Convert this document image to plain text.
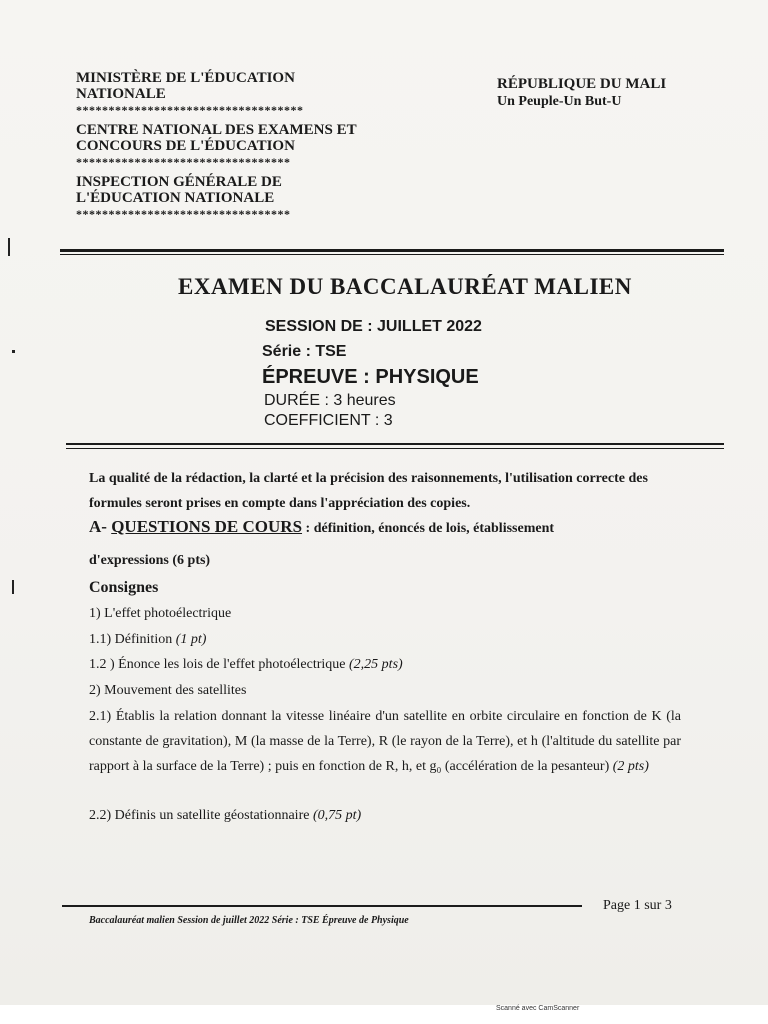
MINISTÈRE DE L'ÉDUCATION NATIONALE
***********************************
CENTRE NATIONAL DES EXAMENS ET CONCOURS DE L'ÉDUCATION
*********************************
INSPECTION GÉNÉRALE DE L'ÉDUCATION NATIONALE
*********************************
RÉPUBLIQUE DU MALI
Un Peuple-Un But-U
EXAMEN DU BACCALAURÉAT MALIEN
SESSION DE : JUILLET 2022
Série : TSE
ÉPREUVE : PHYSIQUE
DURÉE : 3 heures
COEFFICIENT : 3
La qualité de la rédaction, la clarté et la précision des raisonnements, l'utilisation correcte des formules seront prises en compte dans l'appréciation des copies.
A- QUESTIONS DE COURS : définition, énoncés de lois, établissement
d'expressions (6 pts)
Consignes
1) L'effet photoélectrique
1.1) Définition (1 pt)
1.2 ) Énonce les lois de l'effet photoélectrique (2,25 pts)
2) Mouvement des satellites
2.1) Établis la relation donnant la vitesse linéaire d'un satellite en orbite circulaire en fonction de K (la constante de gravitation), M (la masse de la Terre), R (le rayon de la Terre), et h (l'altitude du satellite par rapport à la surface de la Terre) ; puis en fonction de R, h, et g₀ (accélération de la pesanteur) (2 pts)
2.2) Définis un satellite géostationnaire (0,75 pt)
Page 1 sur 3
Baccalauréat malien Session de juillet 2022 Série : TSE Épreuve de Physique
Scanné avec CamScanner
